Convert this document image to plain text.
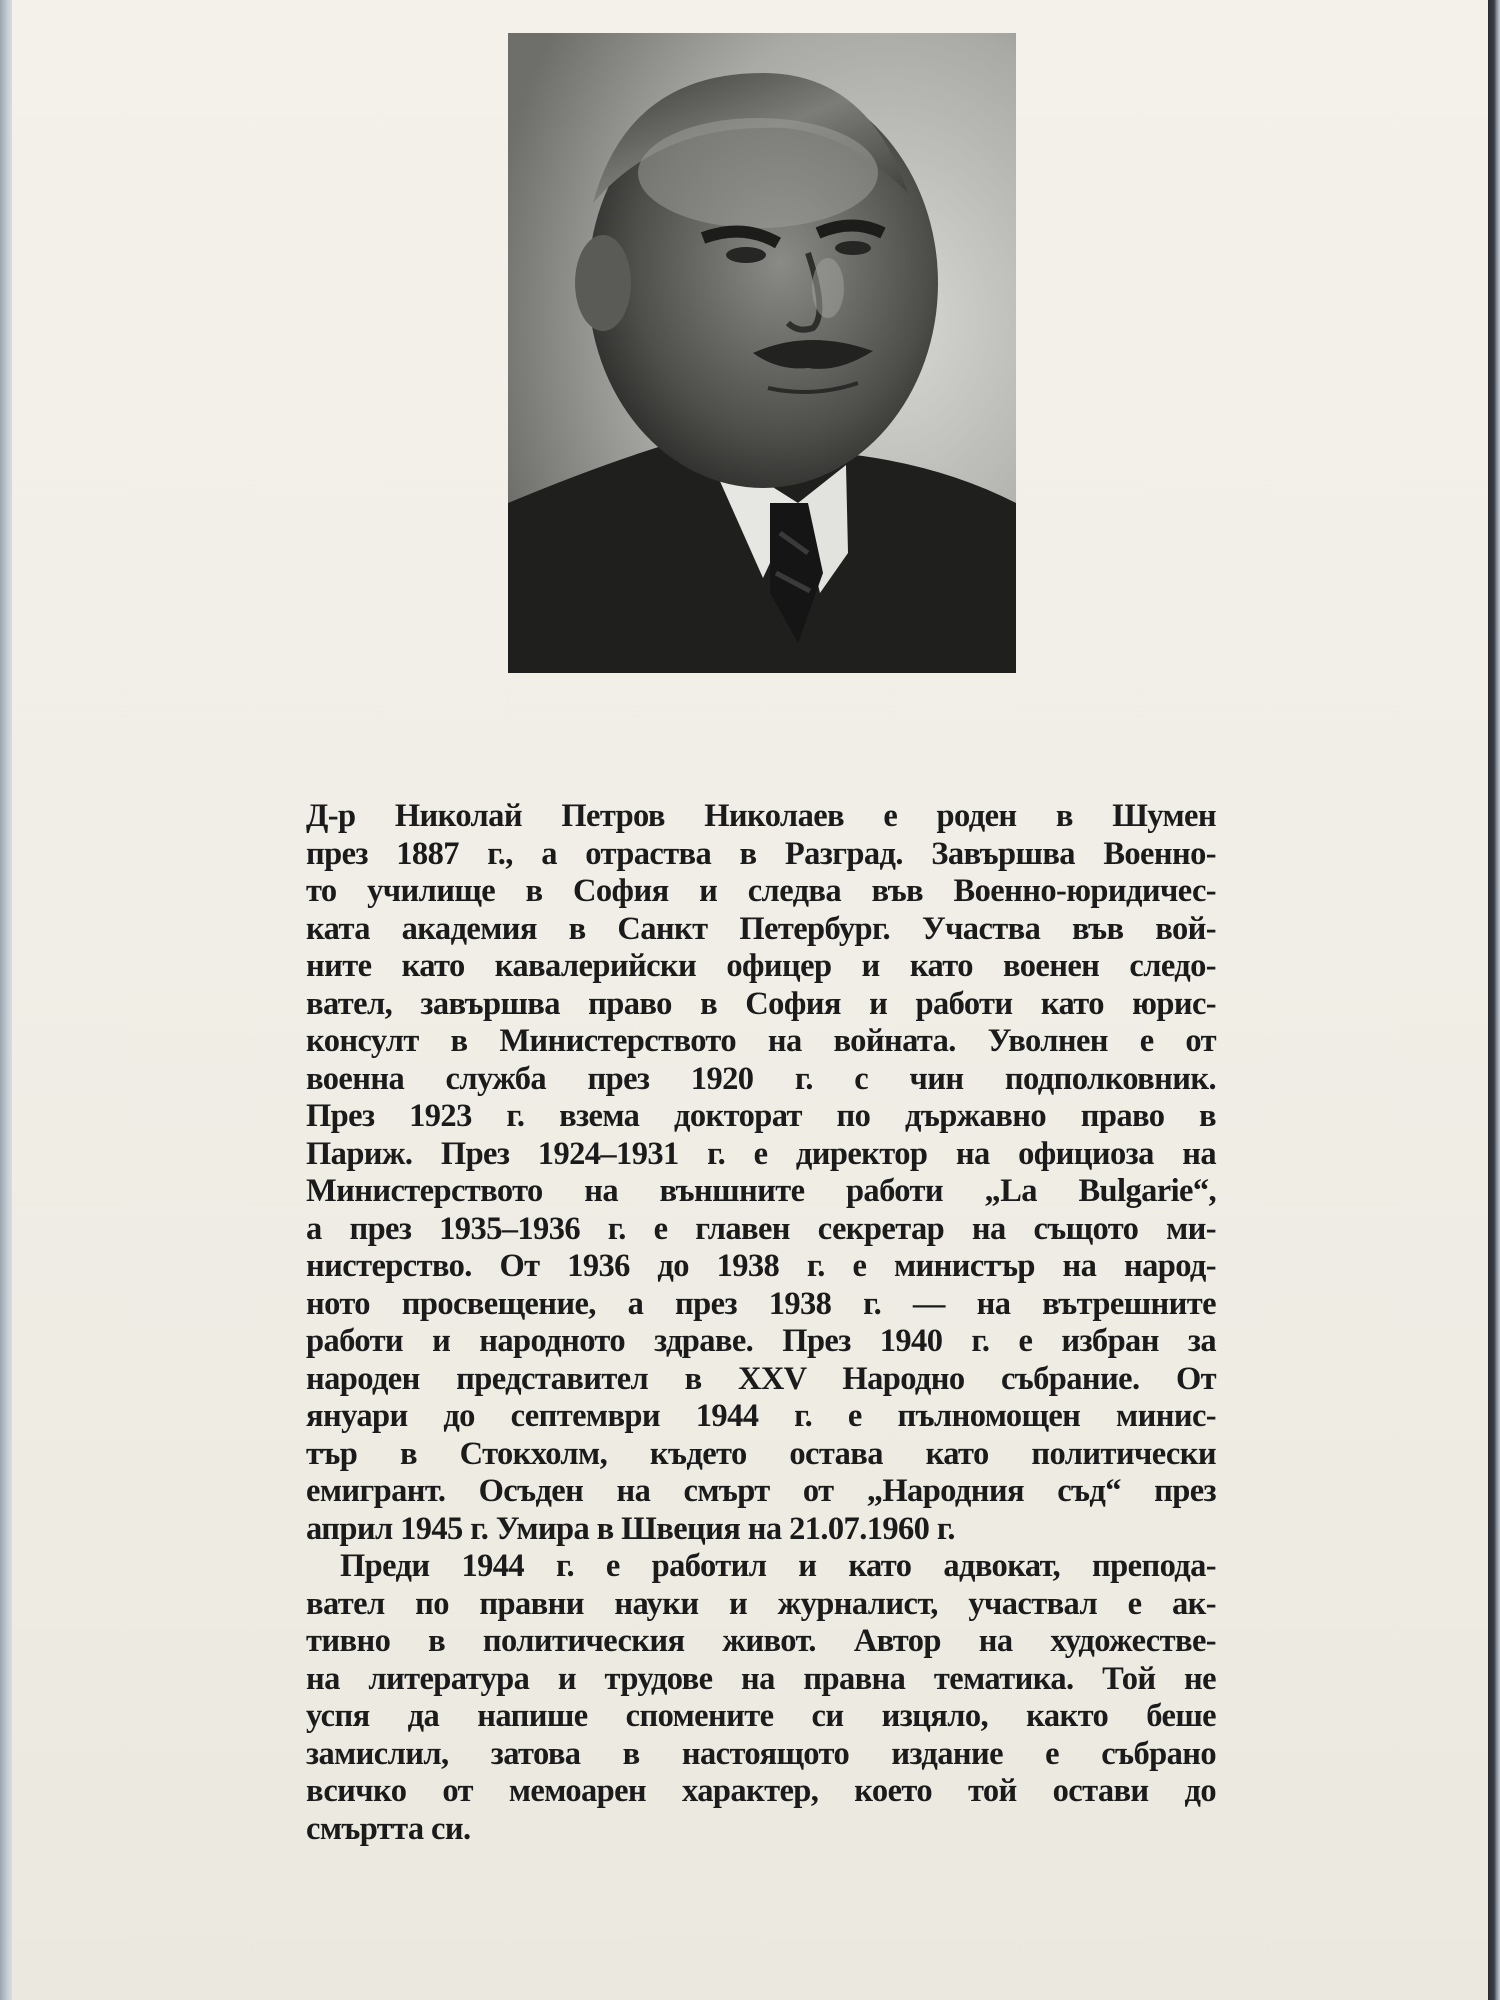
Д-р Николай Петров Николаев е роден в Шумен
през 1887 г., а отраства в Разград. Завършва Военно-
то училище в София и следва във Военно-юридичес-
ката академия в Санкт Петербург. Участва във вой-
ните като кавалерийски офицер и като военен следо-
вател, завършва право в София и работи като юрис-
консулт в Министерството на войната. Уволнен е от
военна служба през 1920 г. с чин подполковник.
През 1923 г. взема докторат по държавно право в
Париж. През 1924–1931 г. е директор на официоза на
Министерството на външните работи „La Bulgarie“,
а през 1935–1936 г. е главен секретар на същото ми-
нистерство. От 1936 до 1938 г. е министър на народ-
ното просвещение, а през 1938 г. — на вътрешните
работи и народното здраве. През 1940 г. е избран за
народен представител в XXV Народно събрание. От
януари до септември 1944 г. е пълномощен минис-
тър в Стокхолм, където остава като политически
емигрант. Осъден на смърт от „Народния съд“ през
април 1945 г. Умира в Швеция на 21.07.1960 г.
Преди 1944 г. е работил и като адвокат, препода-
вател по правни науки и журналист, участвал е ак-
тивно в политическия живот. Автор на художестве-
на литература и трудове на правна тематика. Той не
успя да напише спомените си изцяло, както беше
замислил, затова в настоящото издание е събрано
всичко от мемоарен характер, което той остави до
смъртта си.
